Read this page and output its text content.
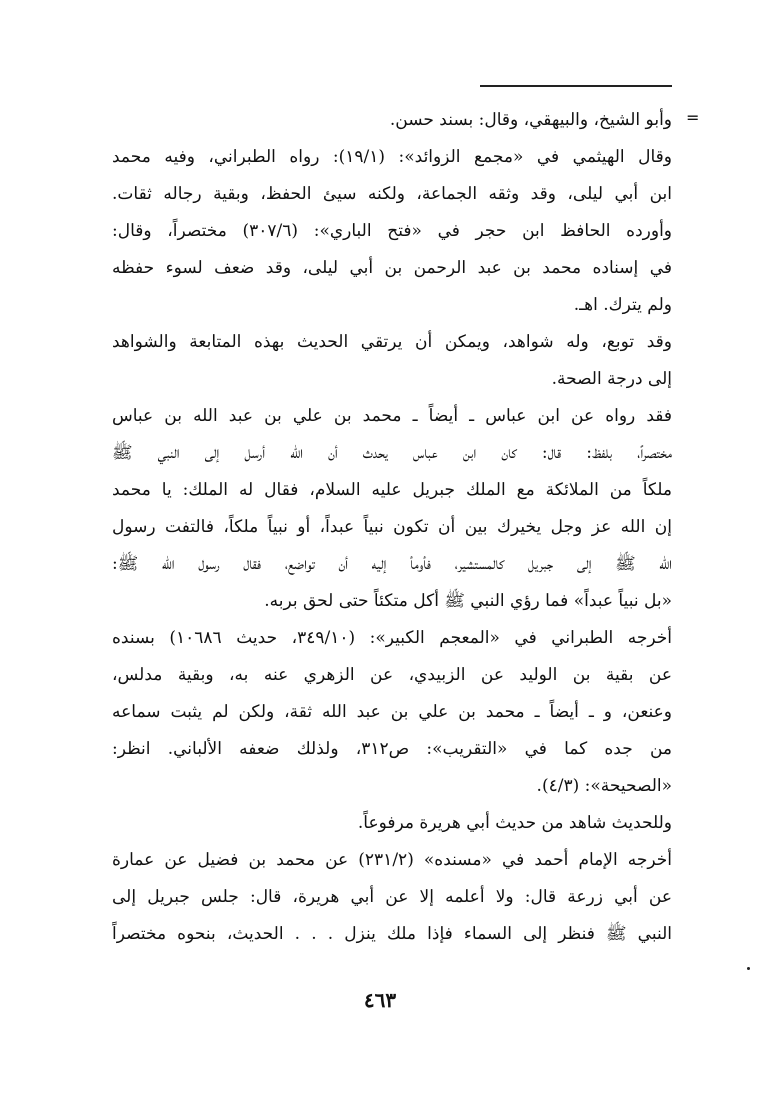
=
وأبو الشيخ، والبيهقي، وقال: بسند حسن.
وقال الهيثمي في «مجمع الزوائد»: (١٩/١): رواه الطبراني، وفيه محمد
ابن أبي ليلى، وقد وثقه الجماعة، ولكنه سيئ الحفظ، وبقية رجاله ثقات.
وأورده الحافظ ابن حجر في «فتح الباري»: (٣٠٧/٦) مختصراً، وقال:
في إسناده محمد بن عبد الرحمن بن أبي ليلى، وقد ضعف لسوء حفظه
ولم يترك. اهـ.
وقد توبع، وله شواهد، ويمكن أن يرتقي الحديث بهذه المتابعة والشواهد
إلى درجة الصحة.
فقد رواه عن ابن عباس ـ أيضاً ـ محمد بن علي بن عبد الله بن عباس
مختصراً، بلفظ: قال: كان ابن عباس يحدث أن الله أرسل إلى النبي ﷺ
ملكاً من الملائكة مع الملك جبريل عليه السلام، فقال له الملك: يا محمد
إن الله عز وجل يخيرك بين أن تكون نبياً عبداً، أو نبياً ملكاً، فالتفت رسول
الله ﷺ إلى جبريل كالمستشير، فأومأ إليه أن تواضع، فقال رسول الله ﷺ:
«بل نبياً عبداً» فما رؤي النبي ﷺ أكل متكئاً حتى لحق بربه.
أخرجه الطبراني في «المعجم الكبير»: (٣٤٩/١٠، حديث ١٠٦٨٦) بسنده
عن بقية بن الوليد عن الزبيدي، عن الزهري عنه به، وبقية مدلس،
وعنعن، و ـ أيضاً ـ محمد بن علي بن عبد الله ثقة، ولكن لم يثبت سماعه
من جده كما في «التقريب»: ص٣١٢، ولذلك ضعفه الألباني. انظر:
«الصحيحة»: (٤/٣).
وللحديث شاهد من حديث أبي هريرة مرفوعاً.
أخرجه الإمام أحمد في «مسنده» (٢٣١/٢) عن محمد بن فضيل عن عمارة
عن أبي زرعة قال: ولا أعلمه إلا عن أبي هريرة، قال: جلس جبريل إلى
النبي ﷺ فنظر إلى السماء فإذا ملك ينزل . . . الحديث، بنحوه مختصراً
٤٦٣
